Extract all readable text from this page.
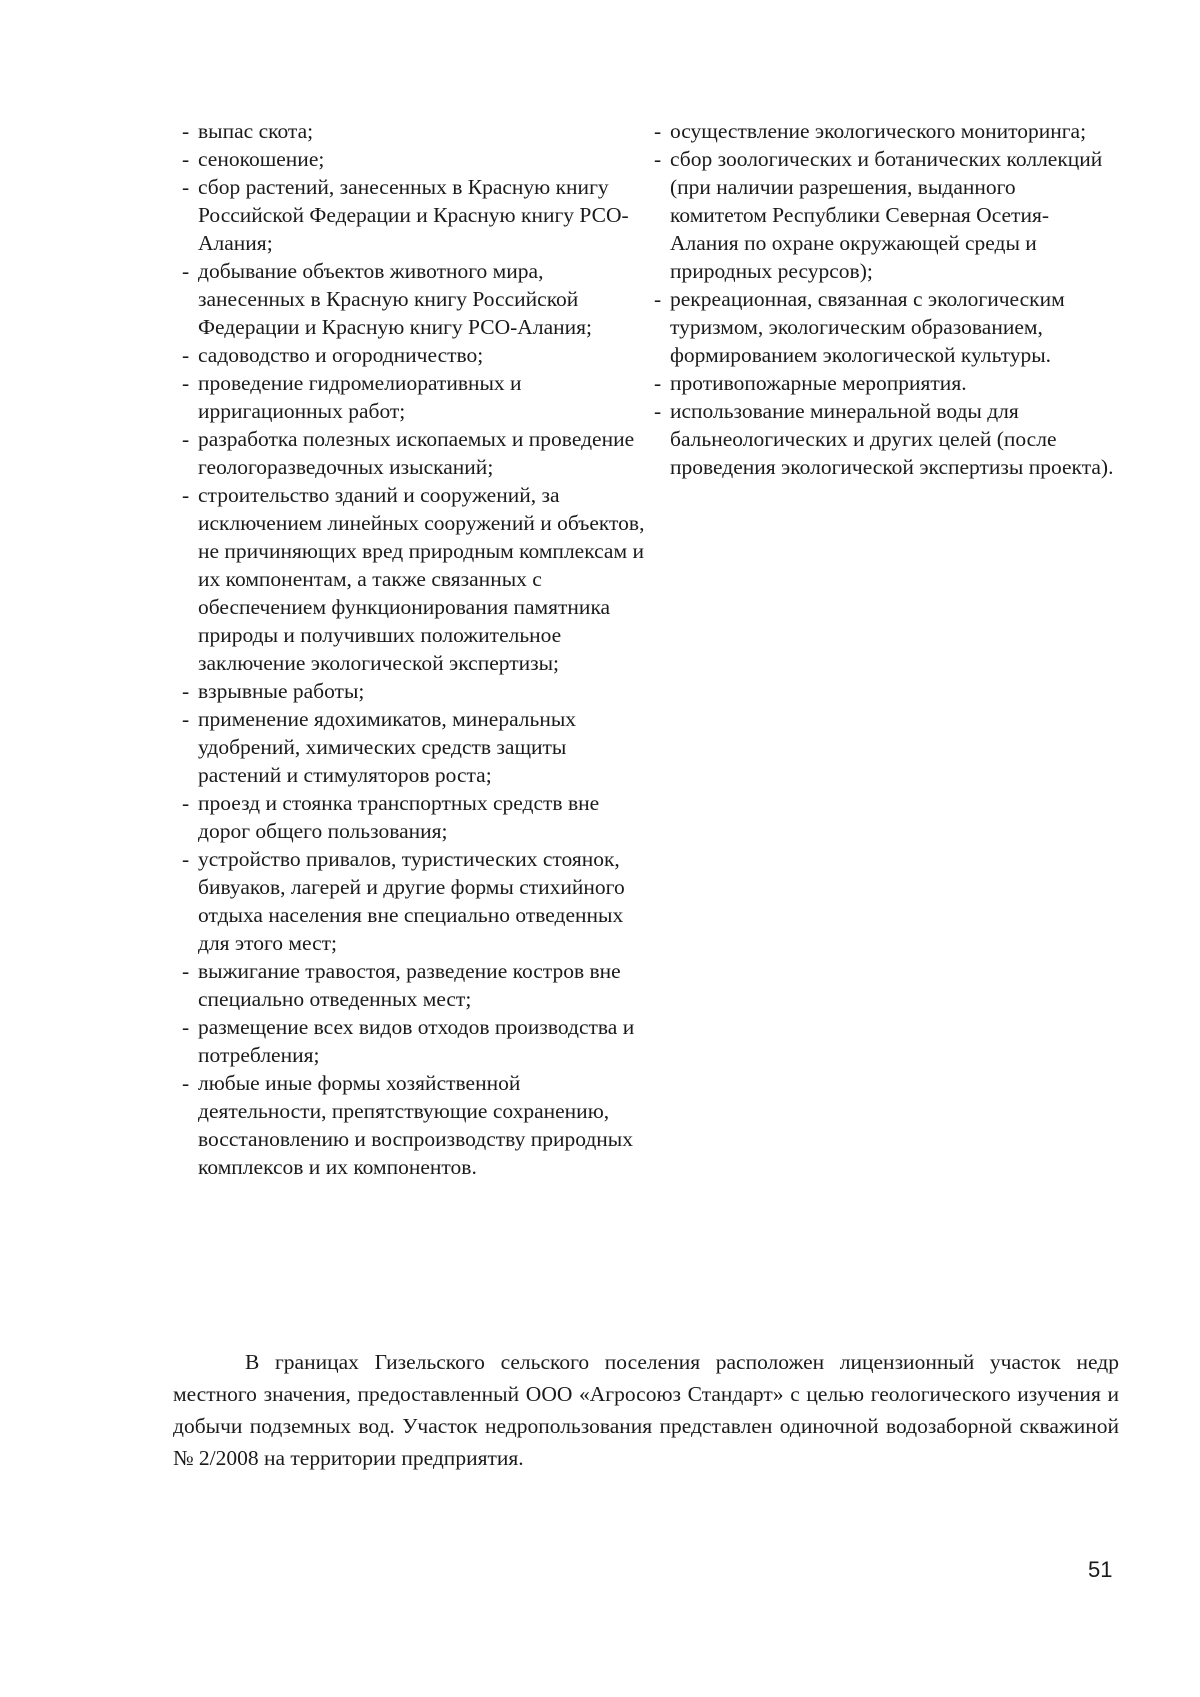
- выпас скота;
- сенокошение;
- сбор растений, занесенных в Красную книгу Российской Федерации и Красную книгу РСО-Алания;
- добывание объектов животного мира, занесенных в Красную книгу Российской Федерации и Красную книгу РСО-Алания;
- садоводство и огородничество;
- проведение гидромелиоративных и ирригационных работ;
- разработка полезных ископаемых и проведение геологоразведочных изысканий;
- строительство зданий и сооружений, за исключением линейных сооружений и объектов, не причиняющих вред природным комплексам и их компонентам, а также связанных с обеспечением функционирования памятника природы и получивших положительное заключение экологической экспертизы;
- взрывные работы;
- применение ядохимикатов, минеральных удобрений, химических средств защиты растений и стимуляторов роста;
- проезд и стоянка транспортных средств вне дорог общего пользования;
- устройство привалов, туристических стоянок, бивуаков, лагерей и другие формы стихийного отдыха населения вне специально отведенных для этого мест;
- выжигание травостоя, разведение костров вне специально отведенных мест;
- размещение всех видов отходов производства и потребления;
- любые иные формы хозяйственной деятельности, препятствующие сохранению, восстановлению и воспроизводству природных комплексов и их компонентов.
- осуществление экологического мониторинга;
- сбор зоологических и ботанических коллекций (при наличии разрешения, выданного комитетом Республики Северная Осетия-Алания по охране окружающей среды и природных ресурсов);
- рекреационная, связанная с экологическим туризмом, экологическим образованием, формированием экологической культуры.
- противопожарные мероприятия.
- использование минеральной воды для бальнеологических и других целей (после проведения экологической экспертизы проекта).

В границах Гизельского сельского поселения расположен лицензионный участок недр местного значения, предоставленный ООО «Агросоюз Стандарт» с целью геологического изучения и добычи подземных вод. Участок недропользования представлен одиночной водозаборной скважиной № 2/2008 на территории предприятия.

51
